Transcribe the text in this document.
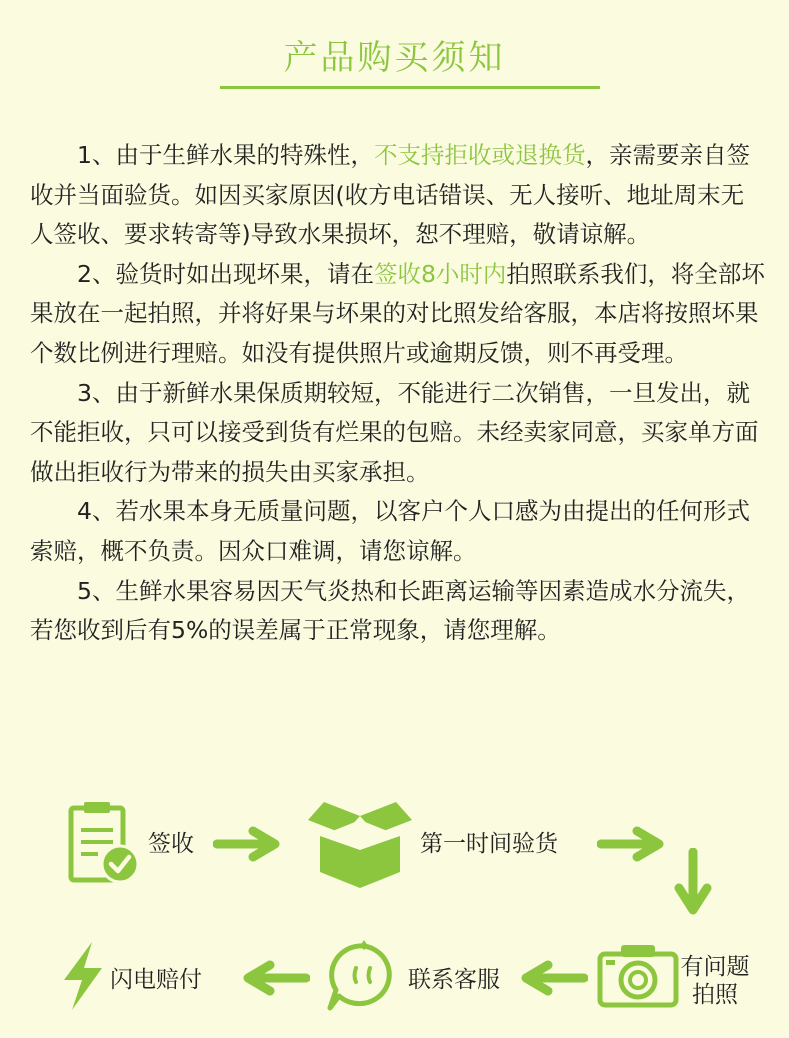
产品购买须知

1、由于生鲜水果的特殊性，不支持拒收或退换货，亲需要亲自签收并当面验货。如因买家原因(收方电话错误、无人接听、地址周末无人签收、要求转寄等)导致水果损坏，恕不理赔，敬请谅解。

2、验货时如出现坏果，请在签收8小时内拍照联系我们，将全部坏果放在一起拍照，并将好果与坏果的对比照发给客服，本店将按照坏果个数比例进行理赔。如没有提供照片或逾期反馈，则不再受理。

3、由于新鲜水果保质期较短，不能进行二次销售，一旦发出，就不能拒收，只可以接受到货有烂果的包赔。未经卖家同意，买家单方面做出拒收行为带来的损失由买家承担。

4、若水果本身无质量问题，以客户个人口感为由提出的任何形式索赔，概不负责。因众口难调，请您谅解。

5、生鲜水果容易因天气炎热和长距离运输等因素造成水分流失，若您收到后有5%的误差属于正常现象，请您理解。

签收	第一时间验货
有问题
拍照
联系客服
闪电赔付
